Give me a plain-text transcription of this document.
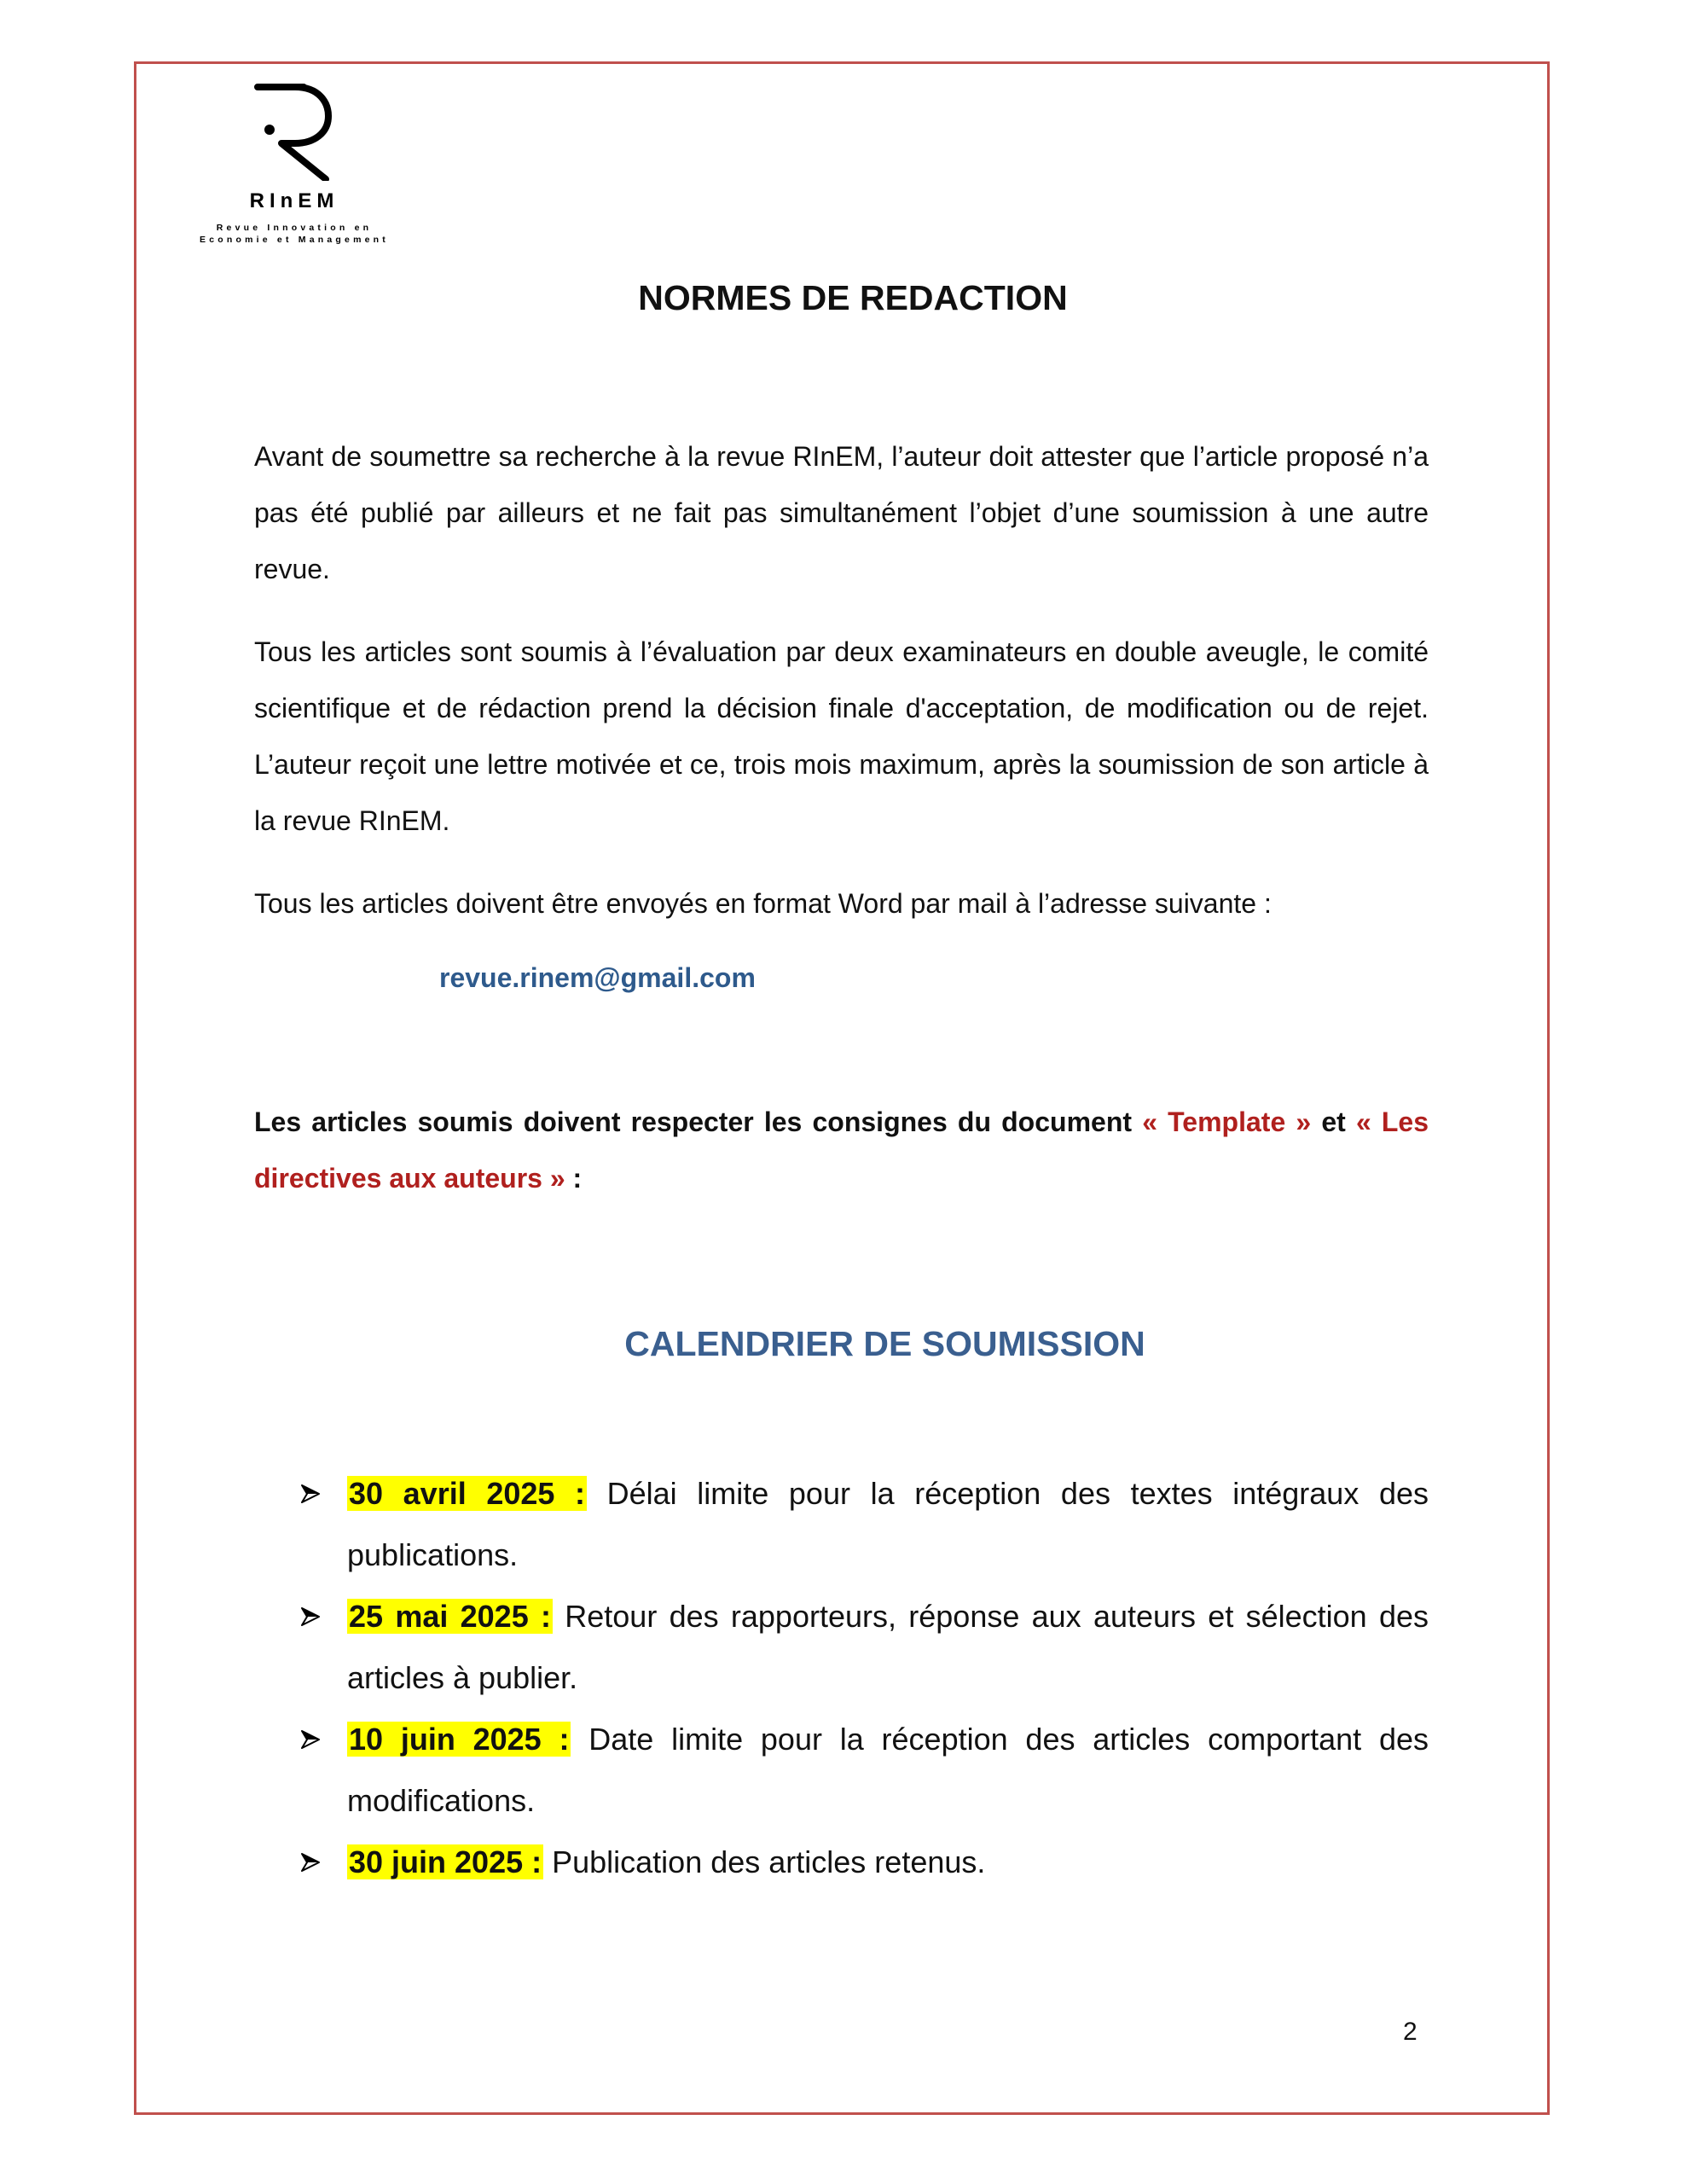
RInEM
Revue Innovation en
Economie et Management
NORMES DE REDACTION

Avant de soumettre sa recherche à la revue RInEM, l’auteur doit attester que l’article proposé n’a pas été publié par ailleurs et ne fait pas simultanément l’objet d’une soumission à une autre revue.

Tous les articles sont soumis à l’évaluation par deux examinateurs en double aveugle, le comité scientifique et de rédaction prend la décision finale d'acceptation, de modification ou de rejet. L’auteur reçoit une lettre motivée et ce, trois mois maximum, après la soumission de son article à la revue RInEM.

Tous les articles doivent être envoyés en format Word par mail à l’adresse suivante :

revue.rinem@gmail.com

Les articles soumis doivent respecter les consignes du document « Template » et « Les directives aux auteurs » :

CALENDRIER DE SOUMISSION
30 avril 2025 : Délai limite pour la réception des textes intégraux des publications.
25 mai 2025 : Retour des rapporteurs, réponse aux auteurs et sélection des articles à publier.
10 juin 2025 : Date limite pour la réception des articles comportant des modifications.
30 juin 2025 : Publication des articles retenus.
2
